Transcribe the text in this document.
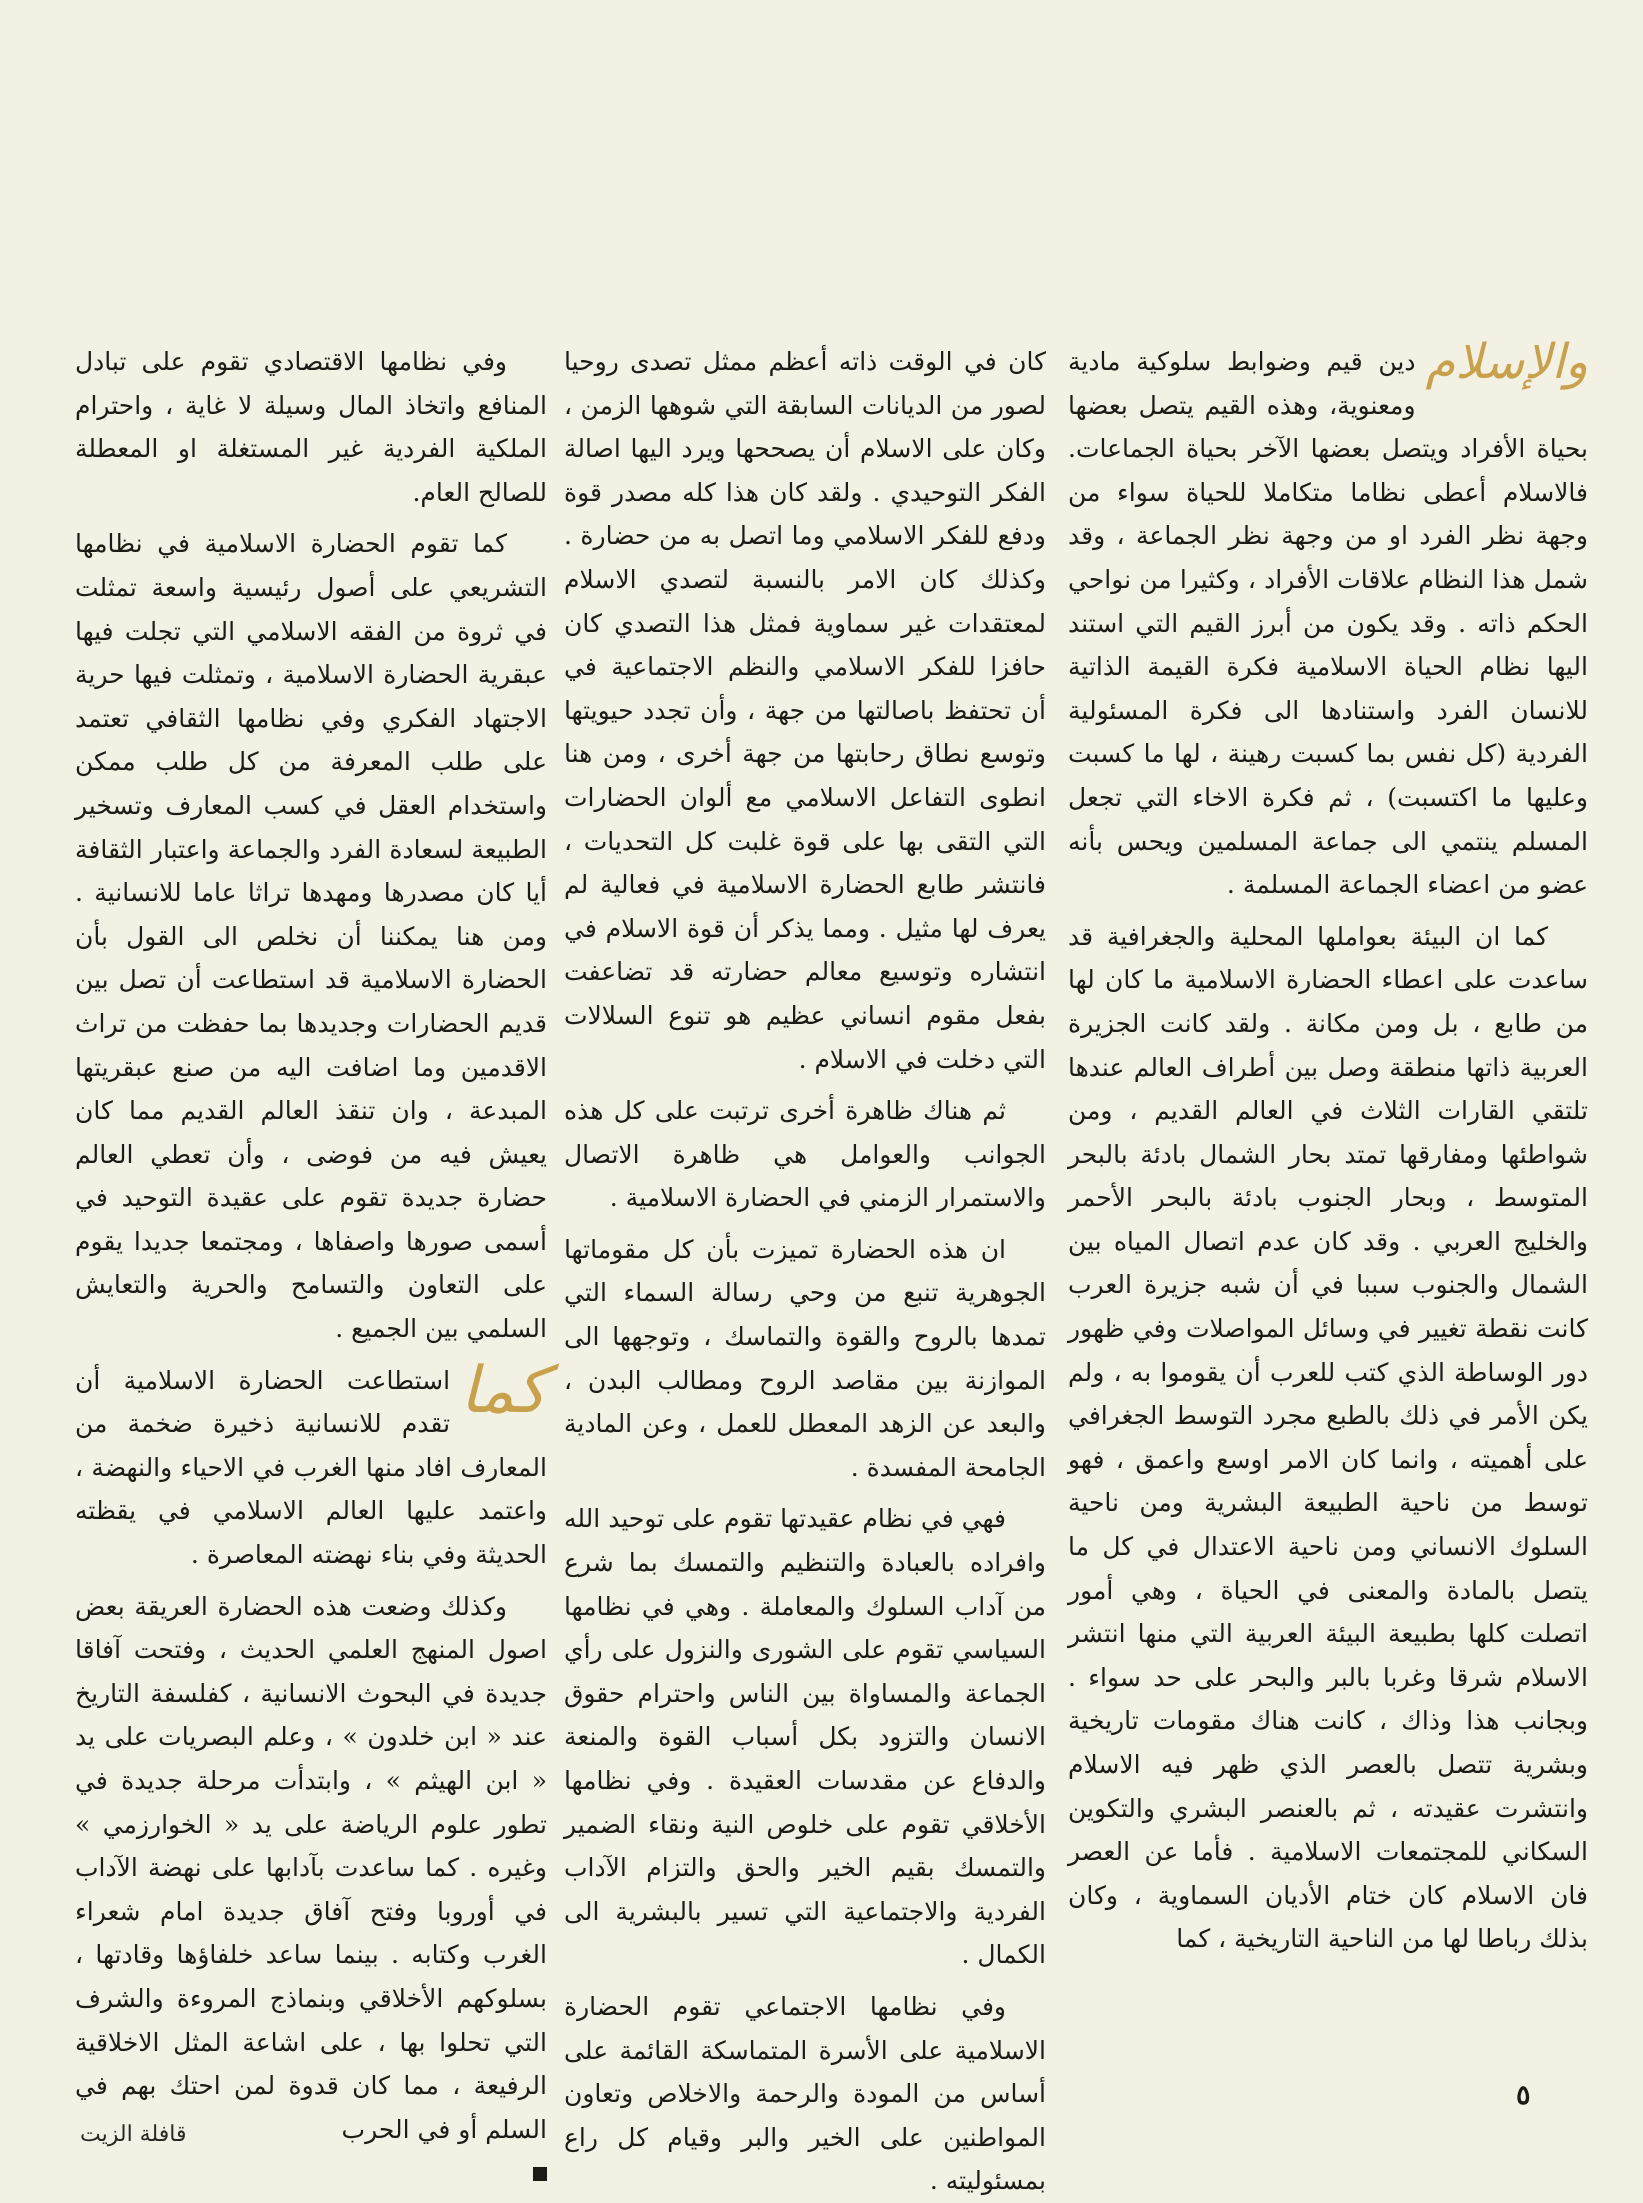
والإسلام

دين قيم وضوابط سلوكية مادية ومعنوية، وهذه القيم يتصل بعضها بحياة الأفراد ويتصل بعضها الآخر بحياة الجماعات. فالاسلام أعطى نظاما متكاملا للحياة سواء من وجهة نظر الفرد او من وجهة نظر الجماعة ، وقد شمل هذا النظام علاقات الأفراد ، وكثيرا من نواحي الحكم ذاته . وقد يكون من أبرز القيم التي استند اليها نظام الحياة الاسلامية فكرة القيمة الذاتية للانسان الفرد واستنادها الى فكرة المسئولية الفردية (كل نفس بما كسبت رهينة ، لها ما كسبت وعليها ما اكتسبت) ، ثم فكرة الاخاء التي تجعل المسلم ينتمي الى جماعة المسلمين ويحس بأنه عضو من اعضاء الجماعة المسلمة .

كما ان البيئة بعواملها المحلية والجغرافية قد ساعدت على اعطاء الحضارة الاسلامية ما كان لها من طابع ، بل ومن مكانة . ولقد كانت الجزيرة العربية ذاتها منطقة وصل بين أطراف العالم عندها تلتقي القارات الثلاث في العالم القديم ، ومن شواطئها ومفارقها تمتد بحار الشمال بادئة بالبحر المتوسط ، وبحار الجنوب بادئة بالبحر الأحمر والخليج العربي . وقد كان عدم اتصال المياه بين الشمال والجنوب سببا في أن شبه جزيرة العرب كانت نقطة تغيير في وسائل المواصلات وفي ظهور دور الوساطة الذي كتب للعرب أن يقوموا به ، ولم يكن الأمر في ذلك بالطبع مجرد التوسط الجغرافي على أهميته ، وانما كان الامر اوسع واعمق ، فهو توسط من ناحية الطبيعة البشرية ومن ناحية السلوك الانساني ومن ناحية الاعتدال في كل ما يتصل بالمادة والمعنى في الحياة ، وهي أمور اتصلت كلها بطبيعة البيئة العربية التي منها انتشر الاسلام شرقا وغربا بالبر والبحر على حد سواء . وبجانب هذا وذاك ، كانت هناك مقومات تاريخية وبشرية تتصل بالعصر الذي ظهر فيه الاسلام وانتشرت عقيدته ، ثم بالعنصر البشري والتكوين السكاني للمجتمعات الاسلامية . فأما عن العصر فان الاسلام كان ختام الأديان السماوية ، وكان بذلك رباطا لها من الناحية التاريخية ، كما

كان في الوقت ذاته أعظم ممثل تصدى روحيا لصور من الديانات السابقة التي شوهها الزمن ، وكان على الاسلام أن يصححها ويرد اليها اصالة الفكر التوحيدي . ولقد كان هذا كله مصدر قوة ودفع للفكر الاسلامي وما اتصل به من حضارة . وكذلك كان الامر بالنسبة لتصدي الاسلام لمعتقدات غير سماوية فمثل هذا التصدي كان حافزا للفكر الاسلامي والنظم الاجتماعية في أن تحتفظ باصالتها من جهة ، وأن تجدد حيويتها وتوسع نطاق رحابتها من جهة أخرى ، ومن هنا انطوى التفاعل الاسلامي مع ألوان الحضارات التي التقى بها على قوة غلبت كل التحديات ، فانتشر طابع الحضارة الاسلامية في فعالية لم يعرف لها مثيل . ومما يذكر أن قوة الاسلام في انتشاره وتوسيع معالم حضارته قد تضاعفت بفعل مقوم انساني عظيم هو تنوع السلالات التي دخلت في الاسلام .

ثم هناك ظاهرة أخرى ترتبت على كل هذه الجوانب والعوامل هي ظاهرة الاتصال والاستمرار الزمني في الحضارة الاسلامية .

ان هذه الحضارة تميزت بأن كل مقوماتها الجوهرية تنبع من وحي رسالة السماء التي تمدها بالروح والقوة والتماسك ، وتوجهها الى الموازنة بين مقاصد الروح ومطالب البدن ، والبعد عن الزهد المعطل للعمل ، وعن المادية الجامحة المفسدة .

فهي في نظام عقيدتها تقوم على توحيد الله وافراده بالعبادة والتنظيم والتمسك بما شرع من آداب السلوك والمعاملة . وهي في نظامها السياسي تقوم على الشورى والنزول على رأي الجماعة والمساواة بين الناس واحترام حقوق الانسان والتزود بكل أسباب القوة والمنعة والدفاع عن مقدسات العقيدة . وفي نظامها الأخلاقي تقوم على خلوص النية ونقاء الضمير والتمسك بقيم الخير والحق والتزام الآداب الفردية والاجتماعية التي تسير بالبشرية الى الكمال .

وفي نظامها الاجتماعي تقوم الحضارة الاسلامية على الأسرة المتماسكة القائمة على أساس من المودة والرحمة والاخلاص وتعاون المواطنين على الخير والبر وقيام كل راع بمسئوليته .

وفي نظامها الاقتصادي تقوم على تبادل المنافع واتخاذ المال وسيلة لا غاية ، واحترام الملكية الفردية غير المستغلة او المعطلة للصالح العام.

كما تقوم الحضارة الاسلامية في نظامها التشريعي على أصول رئيسية واسعة تمثلت في ثروة من الفقه الاسلامي التي تجلت فيها عبقرية الحضارة الاسلامية ، وتمثلت فيها حرية الاجتهاد الفكري وفي نظامها الثقافي تعتمد على طلب المعرفة من كل طلب ممكن واستخدام العقل في كسب المعارف وتسخير الطبيعة لسعادة الفرد والجماعة واعتبار الثقافة أيا كان مصدرها ومهدها تراثا عاما للانسانية . ومن هنا يمكننا أن نخلص الى القول بأن الحضارة الاسلامية قد استطاعت أن تصل بين قديم الحضارات وجديدها بما حفظت من تراث الاقدمين وما اضافت اليه من صنع عبقريتها المبدعة ، وان تنقذ العالم القديم مما كان يعيش فيه من فوضى ، وأن تعطي العالم حضارة جديدة تقوم على عقيدة التوحيد في أسمى صورها واصفاها ، ومجتمعا جديدا يقوم على التعاون والتسامح والحرية والتعايش السلمي بين الجميع .

كما
استطاعت الحضارة الاسلامية أن تقدم للانسانية ذخيرة ضخمة من المعارف افاد منها الغرب في الاحياء والنهضة ، واعتمد عليها العالم الاسلامي في يقظته الحديثة وفي بناء نهضته المعاصرة .

وكذلك وضعت هذه الحضارة العريقة بعض اصول المنهج العلمي الحديث ، وفتحت آفاقا جديدة في البحوث الانسانية ، كفلسفة التاريخ عند « ابن خلدون » ، وعلم البصريات على يد « ابن الهيثم » ، وابتدأت مرحلة جديدة في تطور علوم الرياضة على يد « الخوارزمي » وغيره . كما ساعدت بآدابها على نهضة الآداب في أوروبا وفتح آفاق جديدة امام شعراء الغرب وكتابه . بينما ساعد خلفاؤها وقادتها ، بسلوكهم الأخلاقي وبنماذج المروءة والشرف التي تحلوا بها ، على اشاعة المثل الاخلاقية الرفيعة ، مما كان قدوة لمن احتك بهم في السلم أو في الحرب

٥
قافلة الزيت
